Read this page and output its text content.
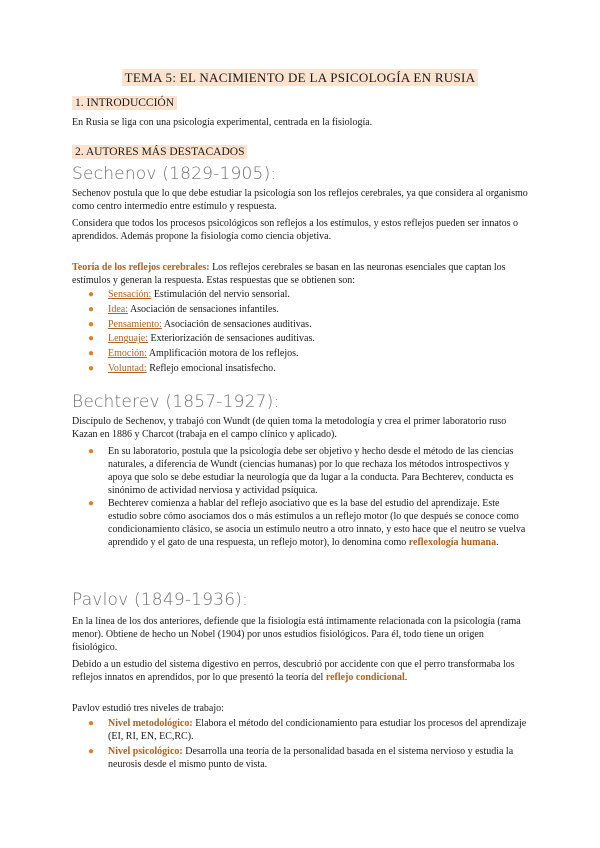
TEMA 5: EL NACIMIENTO DE LA PSICOLOGÍA EN RUSIA
1. INTRODUCCIÓN

En Rusia se liga con una psicología experimental, centrada en la fisiología.

2. AUTORES MÁS DESTACADOS
Sechenov (1829-1905):

Sechenov postula que lo que debe estudiar la psicología son los reflejos cerebrales, ya que considera al organismo como centro intermedio entre estímulo y respuesta.

Considera que todos los procesos psicológicos son reflejos a los estímulos, y estos reflejos pueden ser innatos o aprendidos. Además propone la fisiología como ciencia objetiva.

Teoría de los reflejos cerebrales: Los reflejos cerebrales se basan en las neuronas esenciales que captan los estímulos y generan la respuesta. Estas respuestas que se obtienen son:

● Sensación: Estimulación del nervio sensorial.
● Idea: Asociación de sensaciones infantiles.
● Pensamiento: Asociación de sensaciones auditivas.
● Lenguaje: Exteriorización de sensaciones auditivas.
● Emoción: Amplificación motora de los reflejos.
● Voluntad: Reflejo emocional insatisfecho.
Bechterev (1857-1927):

Discípulo de Sechenov, y trabajó con Wundt (de quien toma la metodología y crea el primer laboratorio ruso Kazan en 1886 y Charcot (trabaja en el campo clínico y aplicado).

● En su laboratorio, postula que la psicología debe ser objetivo y hecho desde el método de las ciencias naturales, a diferencia de Wundt (ciencias humanas) por lo que rechaza los métodos introspectivos y apoya que solo se debe estudiar la neurología que da lugar a la conducta. Para Bechterev, conducta es sinónimo de actividad nerviosa y actividad psíquica.
● Bechterev comienza a hablar del reflejo asociativo que es la base del estudio del aprendizaje. Este estudio sobre cómo asociamos dos o más estímulos a un reflejo motor (lo que después se conoce como condicionamiento clásico, se asocia un estímulo neutro a otro innato, y esto hace que el neutro se vuelva aprendido y el gato de una respuesta, un reflejo motor), lo denomina como reflexología humana.
Pavlov (1849-1936):

En la línea de los dos anteriores, defiende que la fisiología está íntimamente relacionada con la psicología (rama menor). Obtiene de hecho un Nobel (1904) por unos estudios fisiológicos. Para él, todo tiene un origen fisiológico.

Debido a un estudio del sistema digestivo en perros, descubrió por accidente con que el perro transformaba los reflejos innatos en aprendidos, por lo que presentó la teoría del reflejo condicional.

Pavlov estudió tres niveles de trabajo:

● Nivel metodológico: Elabora el método del condicionamiento para estudiar los procesos del aprendizaje (EI, RI, EN, EC,RC).
● Nivel psicológico: Desarrolla una teoría de la personalidad basada en el sistema nervioso y estudia la neurosis desde el mismo punto de vista.
